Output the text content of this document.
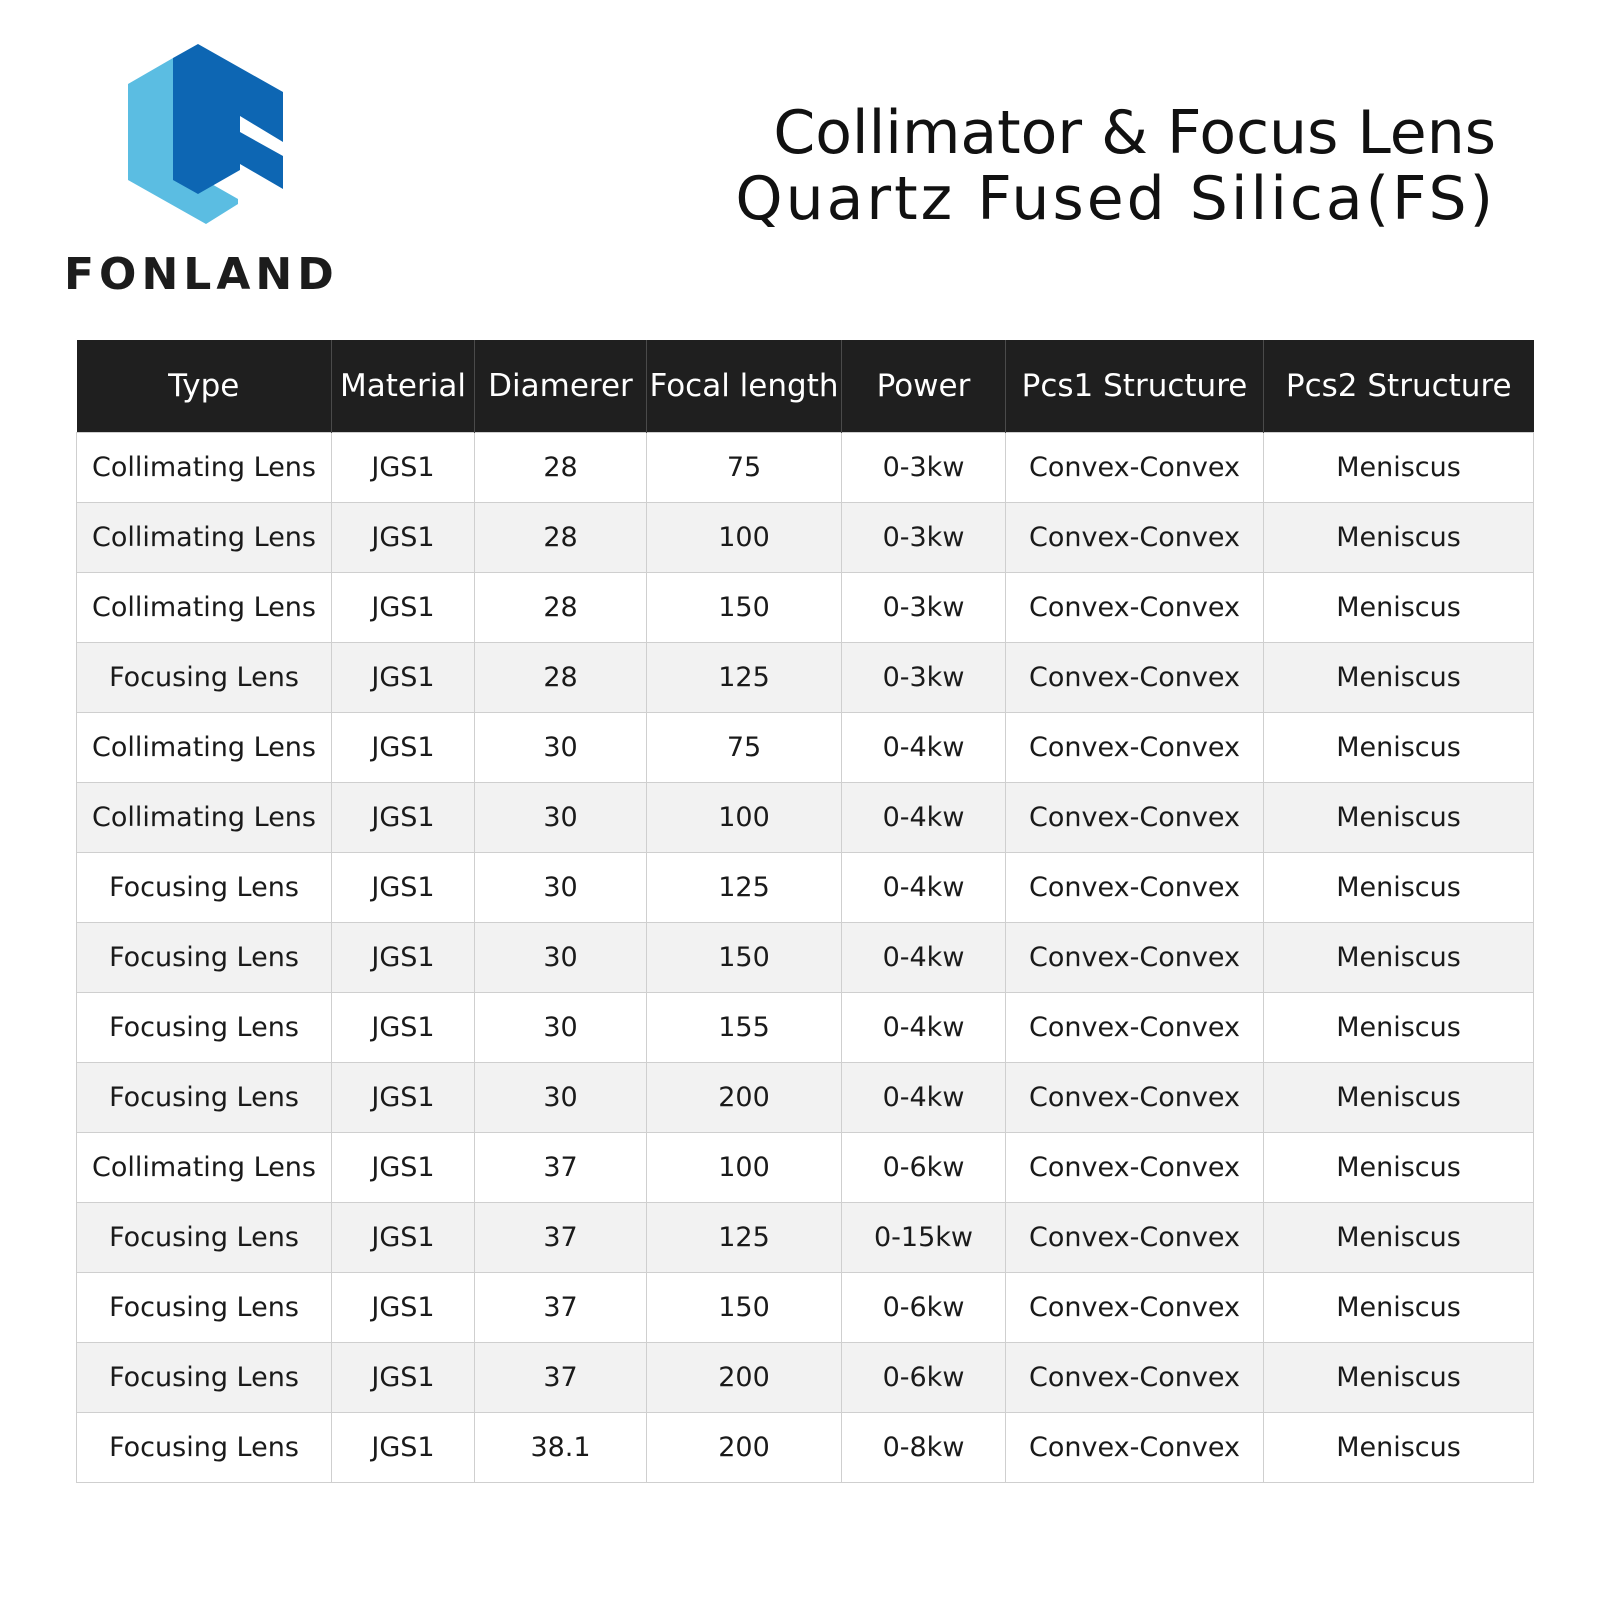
FONLAND
Collimator & Focus Lens
Quartz Fused Silica(FS)
Type	Material	Diamerer	Focal length	Power	Pcs1 Structure	Pcs2 Structure
Collimating Lens	JGS1	28	75	0-3kw	Convex-Convex	Meniscus
Collimating Lens	JGS1	28	100	0-3kw	Convex-Convex	Meniscus
Collimating Lens	JGS1	28	150	0-3kw	Convex-Convex	Meniscus
Focusing Lens	JGS1	28	125	0-3kw	Convex-Convex	Meniscus
Collimating Lens	JGS1	30	75	0-4kw	Convex-Convex	Meniscus
Collimating Lens	JGS1	30	100	0-4kw	Convex-Convex	Meniscus
Focusing Lens	JGS1	30	125	0-4kw	Convex-Convex	Meniscus
Focusing Lens	JGS1	30	150	0-4kw	Convex-Convex	Meniscus
Focusing Lens	JGS1	30	155	0-4kw	Convex-Convex	Meniscus
Focusing Lens	JGS1	30	200	0-4kw	Convex-Convex	Meniscus
Collimating Lens	JGS1	37	100	0-6kw	Convex-Convex	Meniscus
Focusing Lens	JGS1	37	125	0-15kw	Convex-Convex	Meniscus
Focusing Lens	JGS1	37	150	0-6kw	Convex-Convex	Meniscus
Focusing Lens	JGS1	37	200	0-6kw	Convex-Convex	Meniscus
Focusing Lens	JGS1	38.1	200	0-8kw	Convex-Convex	Meniscus
